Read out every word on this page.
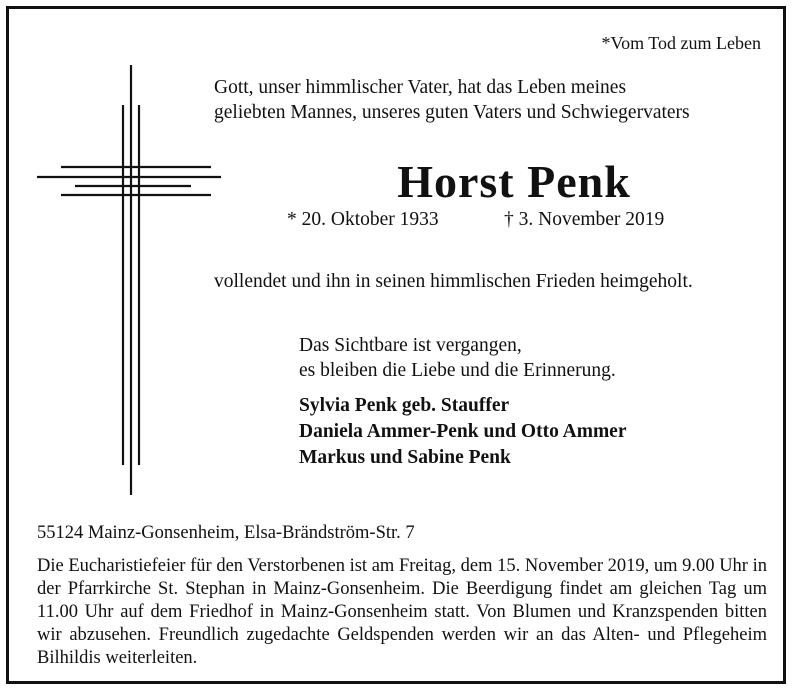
*Vom Tod zum Leben
Gott, unser himmlischer Vater, hat das Leben meines
geliebten Mannes, unseres guten Vaters und Schwiegervaters
Horst Penk
* 20. Oktober 1933	† 3. November 2019
vollendet und ihn in seinen himmlischen Frieden heimgeholt.
Das Sichtbare ist vergangen,
es bleiben die Liebe und die Erinnerung.
Sylvia Penk geb. Stauffer
Daniela Ammer-Penk und Otto Ammer
Markus und Sabine Penk
55124 Mainz-Gonsenheim, Elsa-Brändström-Str. 7
Die Eucharistiefeier für den Verstorbenen ist am Freitag, dem 15. November 2019, um 9.00 Uhr in der Pfarrkirche St. Stephan in Mainz-Gonsenheim. Die Beerdigung findet am gleichen Tag um 11.00 Uhr auf dem Friedhof in Mainz-Gonsenheim statt. Von Blumen und Kranzspenden bitten wir abzusehen. Freundlich zugedachte Geldspenden werden wir an das Alten- und Pflegeheim Bilhildis weiterleiten.
